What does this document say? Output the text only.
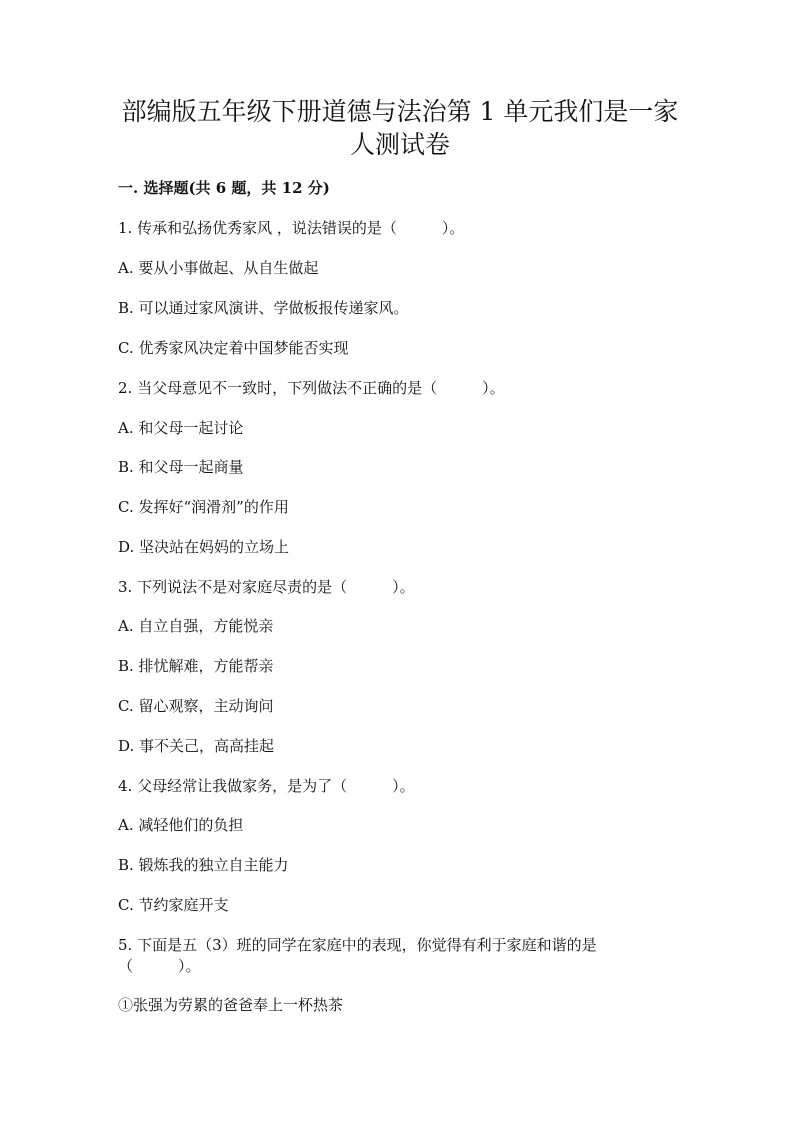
部编版五年级下册道德与法治第 1 单元我们是一家
人测试卷
一. 选择题(共 6 题，共 12 分)
1. 传承和弘扬优秀家风 ，说法错误的是（　　　）。
A. 要从小事做起、从自生做起
B. 可以通过家风演讲、学做板报传递家风。
C. 优秀家风决定着中国梦能否实现
2. 当父母意见不一致时，下列做法不正确的是（　　　）。
A. 和父母一起讨论
B. 和父母一起商量
C. 发挥好“润滑剂”的作用
D. 坚决站在妈妈的立场上
3. 下列说法不是对家庭尽责的是（　　　）。
A. 自立自强，方能悦亲
B. 排忧解难，方能帮亲
C. 留心观察，主动询问
D. 事不关己，高高挂起
4. 父母经常让我做家务，是为了（　　　）。
A. 减轻他们的负担
B. 锻炼我的独立自主能力
C. 节约家庭开支
5. 下面是五（3）班的同学在家庭中的表现，你觉得有利于家庭和谐的是
（　　　）。
①张强为劳累的爸爸奉上一杯热茶
